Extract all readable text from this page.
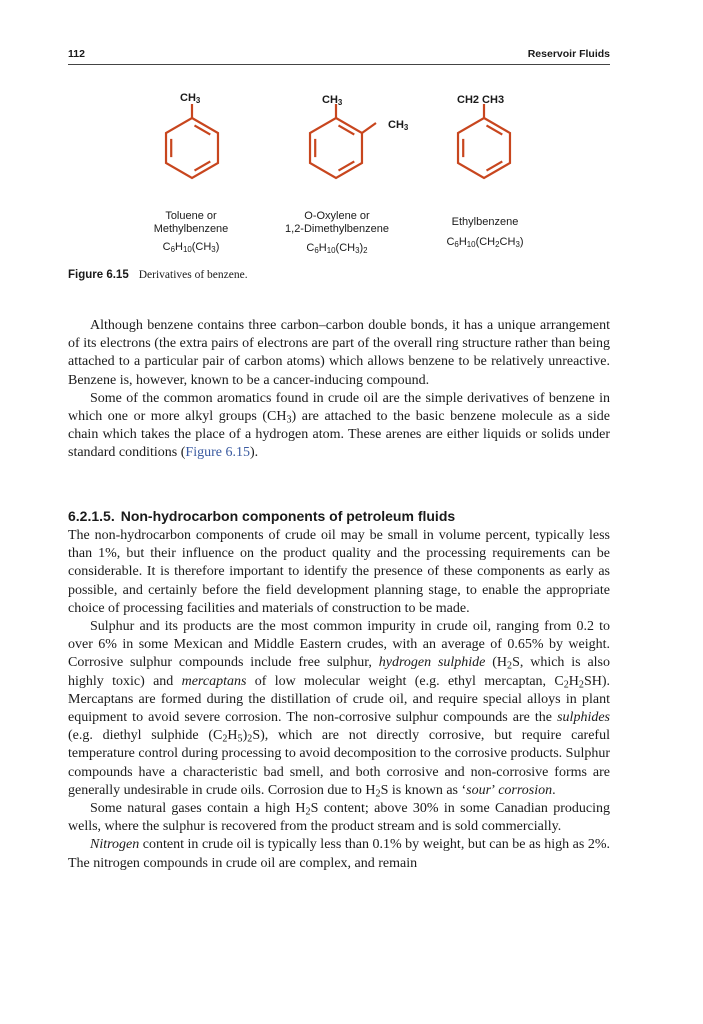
112	Reservoir Fluids
$CH_3$	$CH_3$
$CH_3$
CH2 CH3
Toluene or
Methylbenzene
$C_6H_{10}(CH_3)$
O-Oxylene or
1,2-Dimethylbenzene
$C_6H_{10}(CH_3)_2$
Ethylbenzene
$C_6H_{10}(CH_2CH_3)$
Figure 6.15 Derivatives of benzene.

Although benzene contains three carbon–carbon double bonds, it has a unique arrangement of its electrons (the extra pairs of electrons are part of the overall ring structure rather than being attached to a particular pair of carbon atoms) which allows benzene to be relatively unreactive. Benzene is, however, known to be a cancer-inducing compound.

Some of the common aromatics found in crude oil are the simple derivatives of benzene in which one or more alkyl groups $(CH_3)$ are attached to the basic benzene molecule as a side chain which takes the place of a hydrogen atom. These arenes are either liquids or solids under standard conditions (Figure 6.15).

6.2.1.5. Non-hydrocarbon components of petroleum fluids

The non-hydrocarbon components of crude oil may be small in volume percent, typically less than 1%, but their influence on the product quality and the processing requirements can be considerable. It is therefore important to identify the presence of these components as early as possible, and certainly before the field development planning stage, to enable the appropriate choice of processing facilities and materials of construction to be made.

Sulphur and its products are the most common impurity in crude oil, ranging from 0.2 to over 6% in some Mexican and Middle Eastern crudes, with an average of 0.65% by weight. Corrosive sulphur compounds include free sulphur, hydrogen sulphide ($H_2S$, which is also highly toxic) and mercaptans of low molecular weight (e.g. ethyl mercaptan, $C_2H_2SH$). Mercaptans are formed during the distillation of crude oil, and require special alloys in plant equipment to avoid severe corrosion. The non-corrosive sulphur compounds are the sulphides (e.g. diethyl sulphide $(C_2H_5)_2S$), which are not directly corrosive, but require careful temperature control during processing to avoid decomposition to the corrosive products. Sulphur compounds have a characteristic bad smell, and both corrosive and non-corrosive forms are generally undesirable in crude oils. Corrosion due to $H_2S$ is known as ‘sour’ corrosion.

Some natural gases contain a high $H_2S$ content; above 30% in some Canadian producing wells, where the sulphur is recovered from the product stream and is sold commercially.

Nitrogen content in crude oil is typically less than 0.1% by weight, but can be as high as 2%. The nitrogen compounds in crude oil are complex, and remain
